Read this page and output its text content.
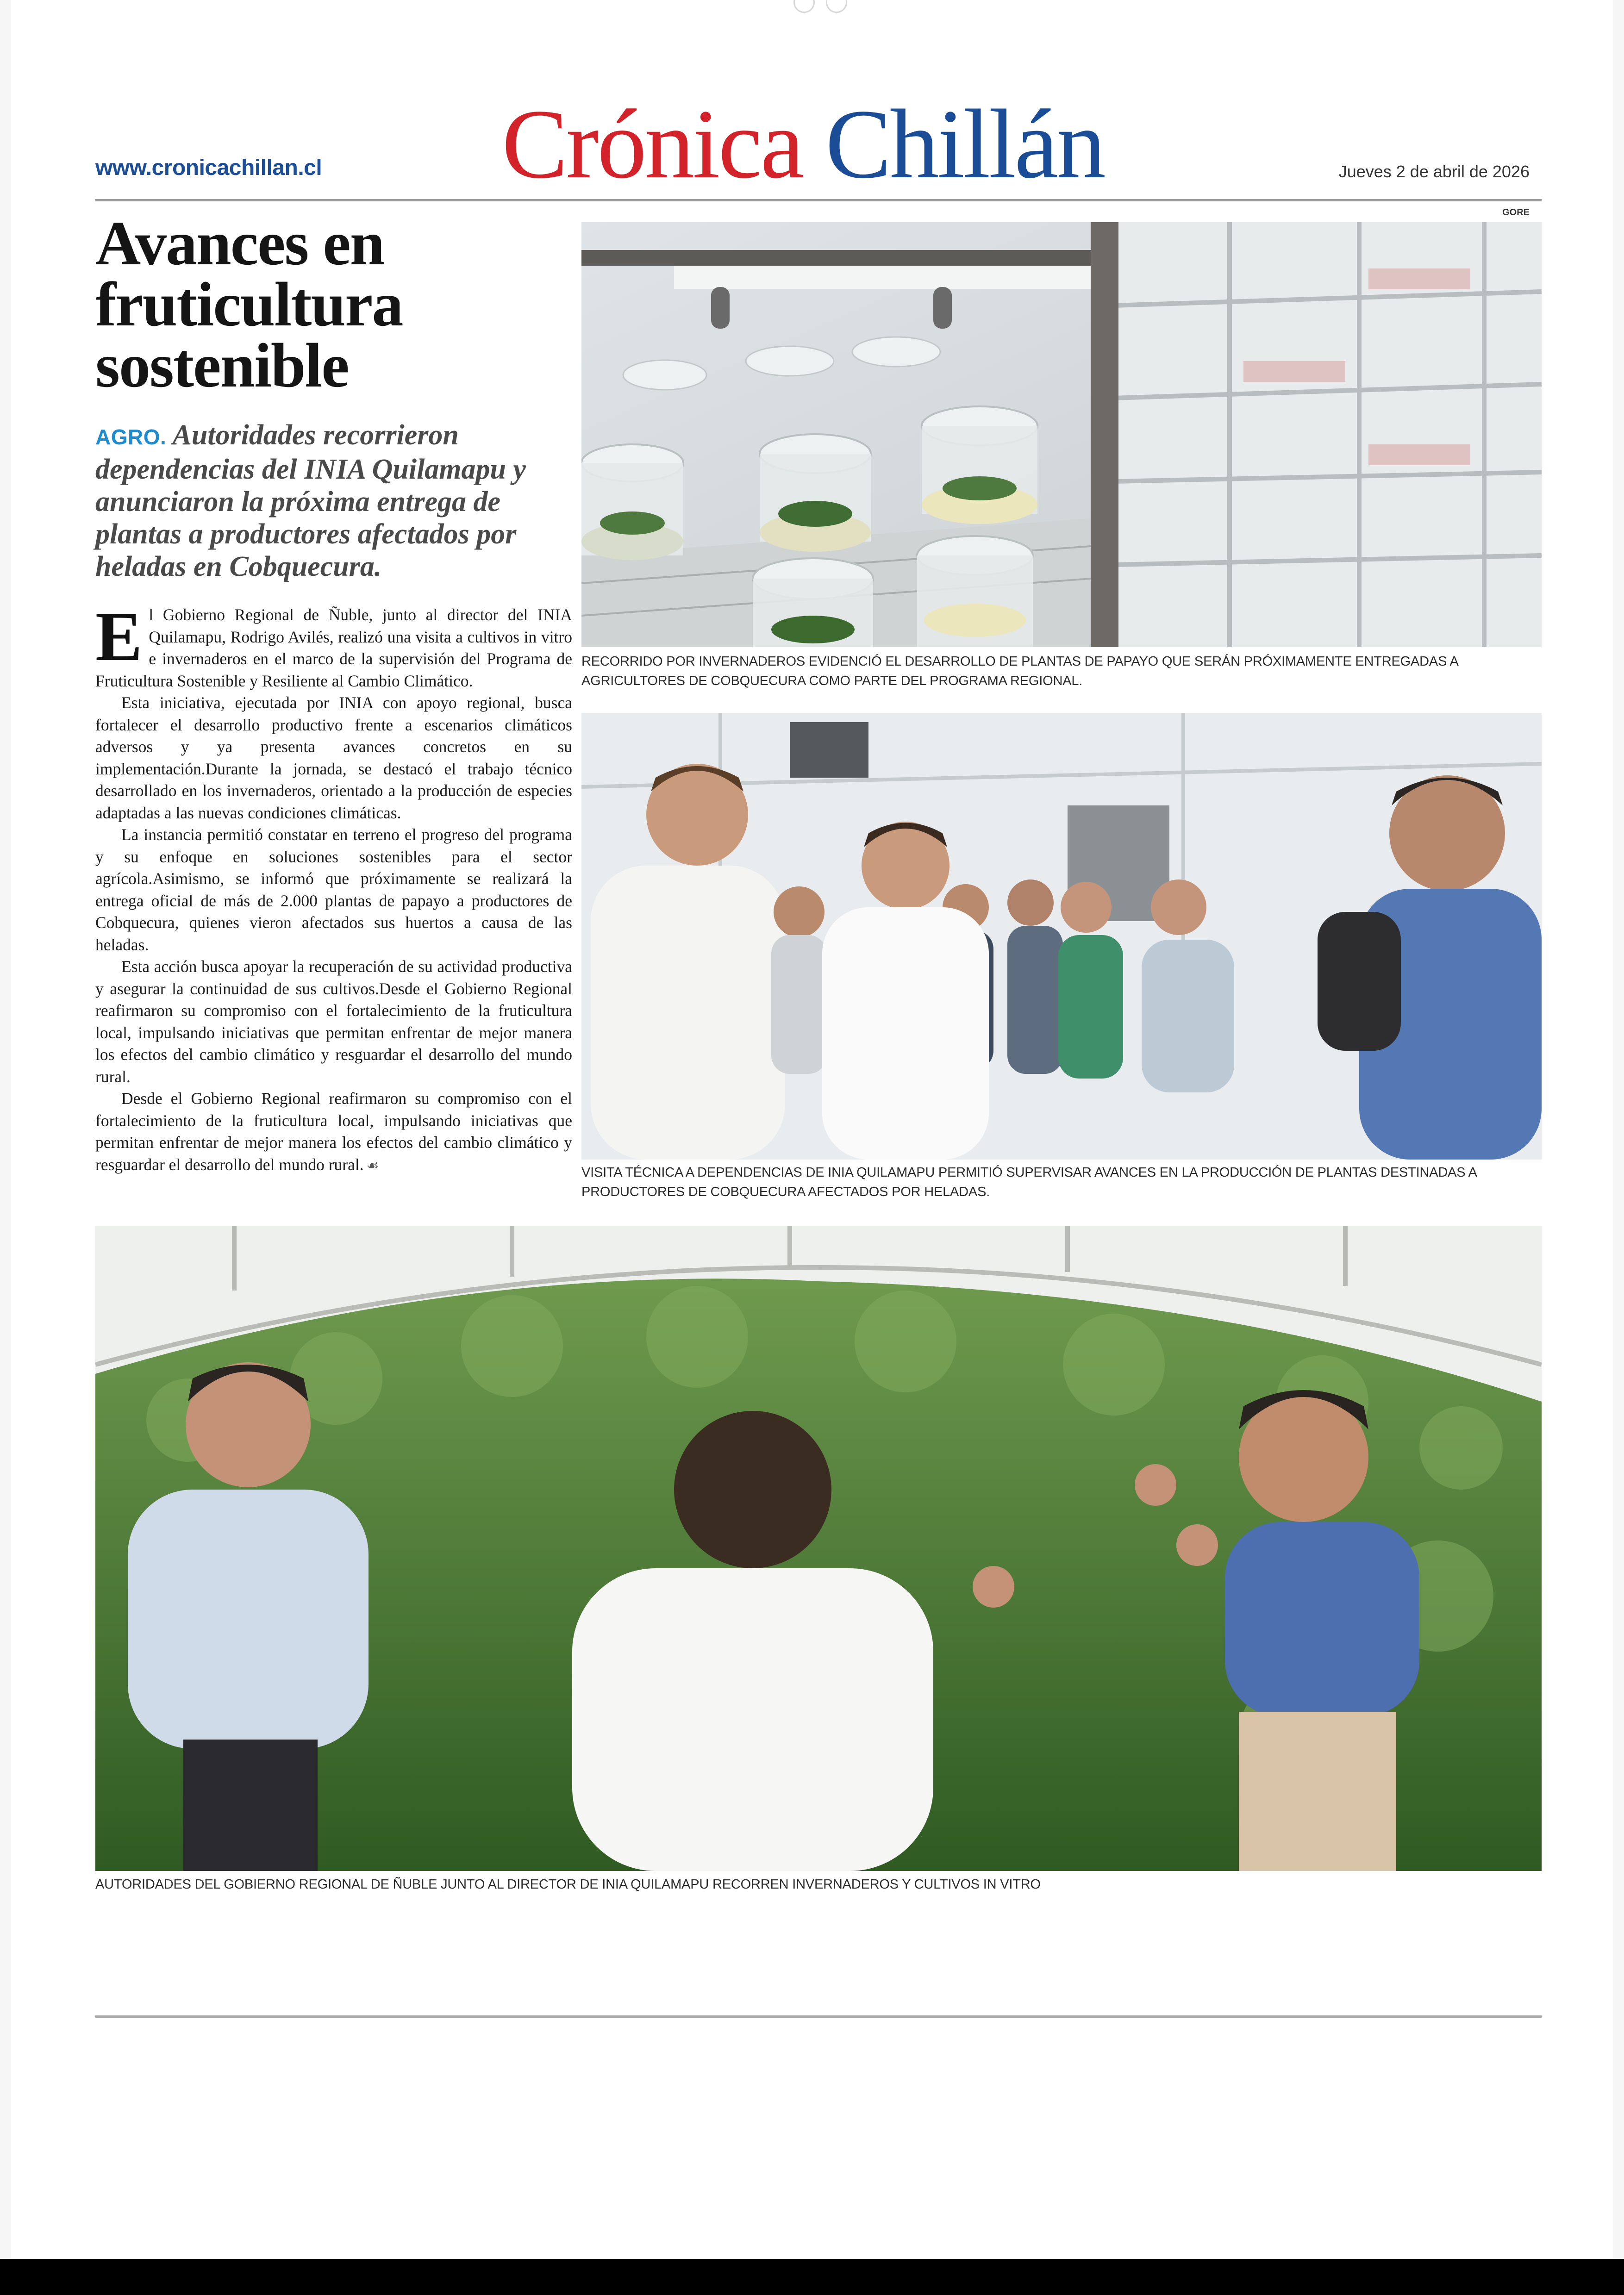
www.cronicachillan.cl Crónica Chillán	Jueves 2 de abril de 2026
GORE
Avances en fruticultura sostenible
AGRO. Autoridades recorrieron dependencias del INIA Quilamapu y anunciaron la próxima entrega de plantas a productores afectados por heladas en Cobquecura.

El Gobierno Regional de Ñuble, junto al director del INIA Quilamapu, Rodrigo Avilés, realizó una visita a cultivos in vitro e invernaderos en el marco de la supervisión del Programa de Fruticultura Sostenible y Resiliente al Cambio Climático.

Esta iniciativa, ejecutada por INIA con apoyo regional, busca fortalecer el desarrollo productivo frente a escenarios climáticos adversos y ya presenta avances concretos en su implementación.Durante la jornada, se destacó el trabajo técnico desarrollado en los invernaderos, orientado a la producción de especies adaptadas a las nuevas condiciones climáticas.

La instancia permitió constatar en terreno el progreso del programa y su enfoque en soluciones sostenibles para el sector agrícola.Asimismo, se informó que próximamente se realizará la entrega oficial de más de 2.000 plantas de papayo a productores de Cobquecura, quienes vieron afectados sus huertos a causa de las heladas.

Esta acción busca apoyar la recuperación de su actividad productiva y asegurar la continuidad de sus cultivos.Desde el Gobierno Regional reafirmaron su compromiso con el fortalecimiento de la fruticultura local, impulsando iniciativas que permitan enfrentar de mejor manera los efectos del cambio climático y resguardar el desarrollo del mundo rural.

Desde el Gobierno Regional reafirmaron su compromiso con el fortalecimiento de la fruticultura local, impulsando iniciativas que permitan enfrentar de mejor manera los efectos del cambio climático y resguardar el desarrollo del mundo rural. ☙

RECORRIDO POR INVERNADEROS EVIDENCIÓ EL DESARROLLO DE PLANTAS DE PAPAYO QUE SERÁN PRÓXIMAMENTE ENTREGADAS A AGRICULTORES DE COBQUECURA COMO PARTE DEL PROGRAMA REGIONAL.
VISITA TÉCNICA A DEPENDENCIAS DE INIA QUILAMAPU PERMITIÓ SUPERVISAR AVANCES EN LA PRODUCCIÓN DE PLANTAS DESTINADAS A PRODUCTORES DE COBQUECURA AFECTADOS POR HELADAS.
AUTORIDADES DEL GOBIERNO REGIONAL DE ÑUBLE JUNTO AL DIRECTOR DE INIA QUILAMAPU RECORREN INVERNADEROS Y CULTIVOS IN VITRO
